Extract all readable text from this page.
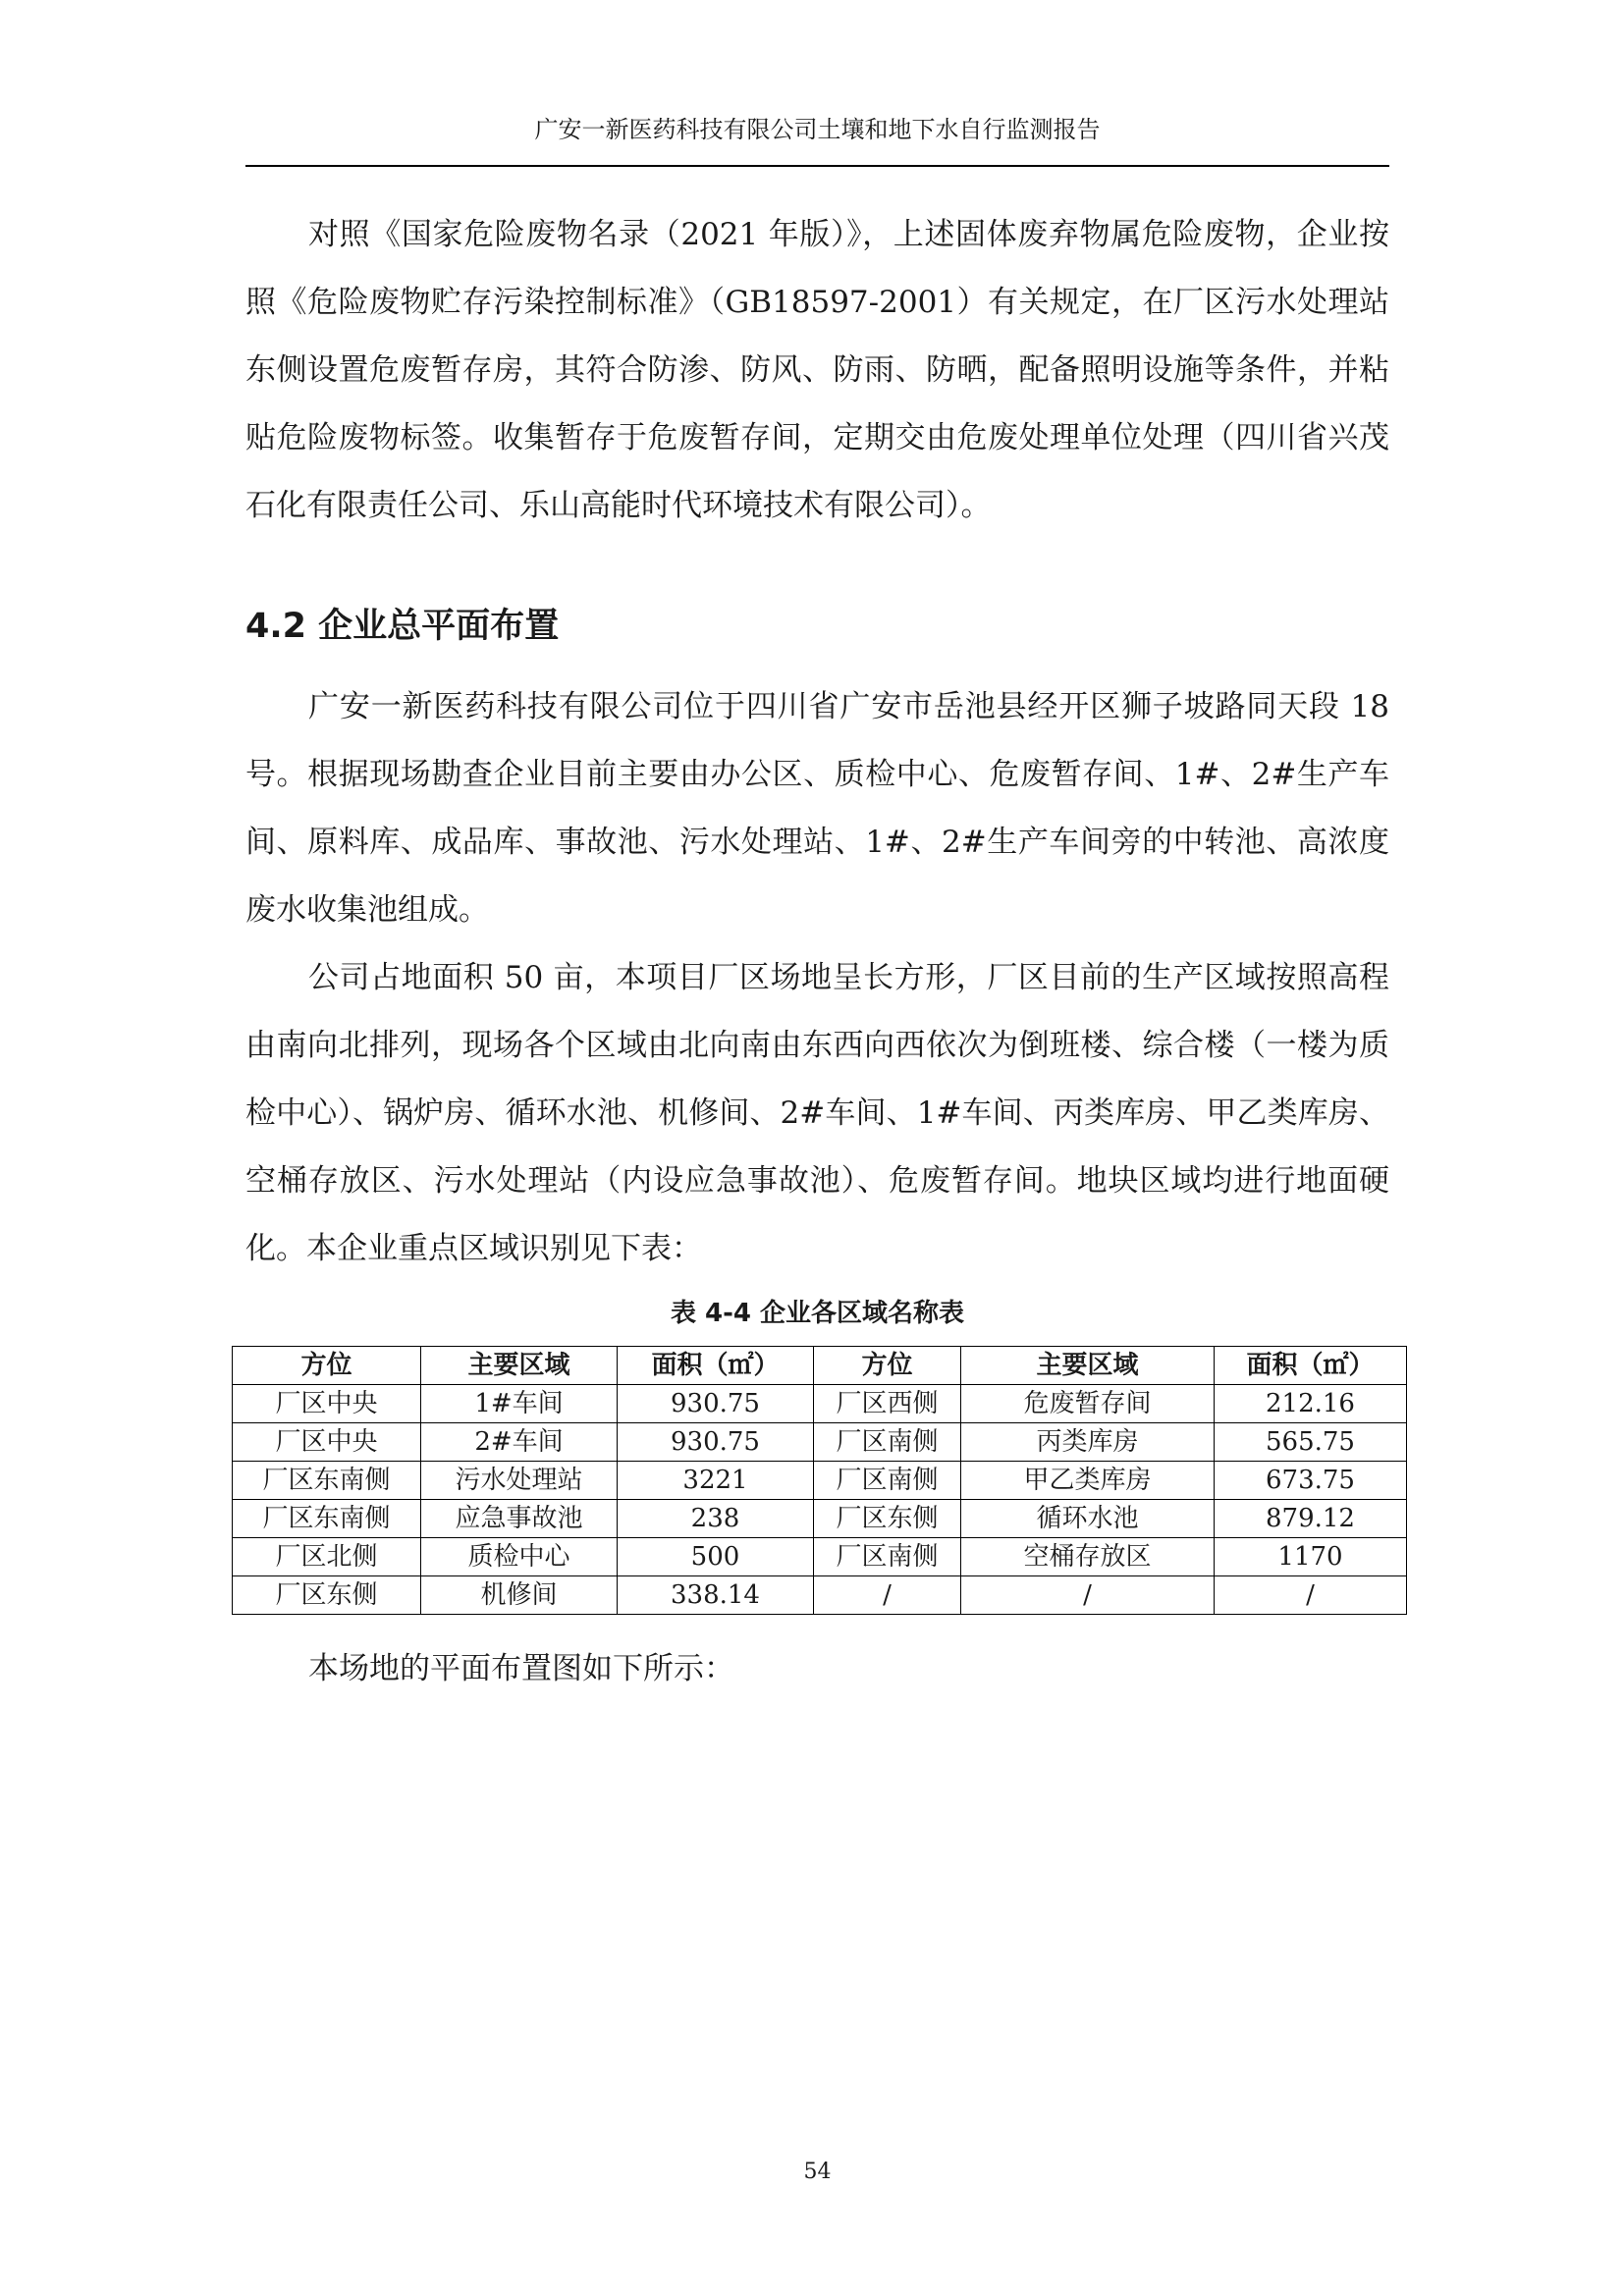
广安一新医药科技有限公司土壤和地下水自行监测报告

对照《国家危险废物名录（2021 年版）》，上述固体废弃物属危险废物，企业按照《危险废物贮存污染控制标准》（GB18597-2001）有关规定，在厂区污水处理站东侧设置危废暂存房，其符合防渗、防风、防雨、防晒，配备照明设施等条件，并粘贴危险废物标签。收集暂存于危废暂存间，定期交由危废处理单位处理（四川省兴茂石化有限责任公司、乐山高能时代环境技术有限公司）。

4.2 企业总平面布置

广安一新医药科技有限公司位于四川省广安市岳池县经开区狮子坡路同天段 18 号。根据现场勘查企业目前主要由办公区、质检中心、危废暂存间、1#、2#生产车间、原料库、成品库、事故池、污水处理站、1#、2#生产车间旁的中转池、高浓度废水收集池组成。

公司占地面积 50 亩，本项目厂区场地呈长方形，厂区目前的生产区域按照高程由南向北排列，现场各个区域由北向南由东西向西依次为倒班楼、综合楼（一楼为质检中心）、锅炉房、循环水池、机修间、2#车间、1#车间、丙类库房、甲乙类库房、空桶存放区、污水处理站（内设应急事故池）、危废暂存间。地块区域均进行地面硬化。本企业重点区域识别见下表：

表 4-4 企业各区域名称表
方位	主要区域	面积（㎡）	方位	主要区域	面积（㎡）
厂区中央	1#车间	930.75	厂区西侧	危废暂存间	212.16
厂区中央	2#车间	930.75	厂区南侧	丙类库房	565.75
厂区东南侧	污水处理站	3221	厂区南侧	甲乙类库房	673.75
厂区东南侧	应急事故池	238	厂区东侧	循环水池	879.12
厂区北侧	质检中心	500	厂区南侧	空桶存放区	1170
厂区东侧	机修间	338.14	/	/	/

本场地的平面布置图如下所示：

54
